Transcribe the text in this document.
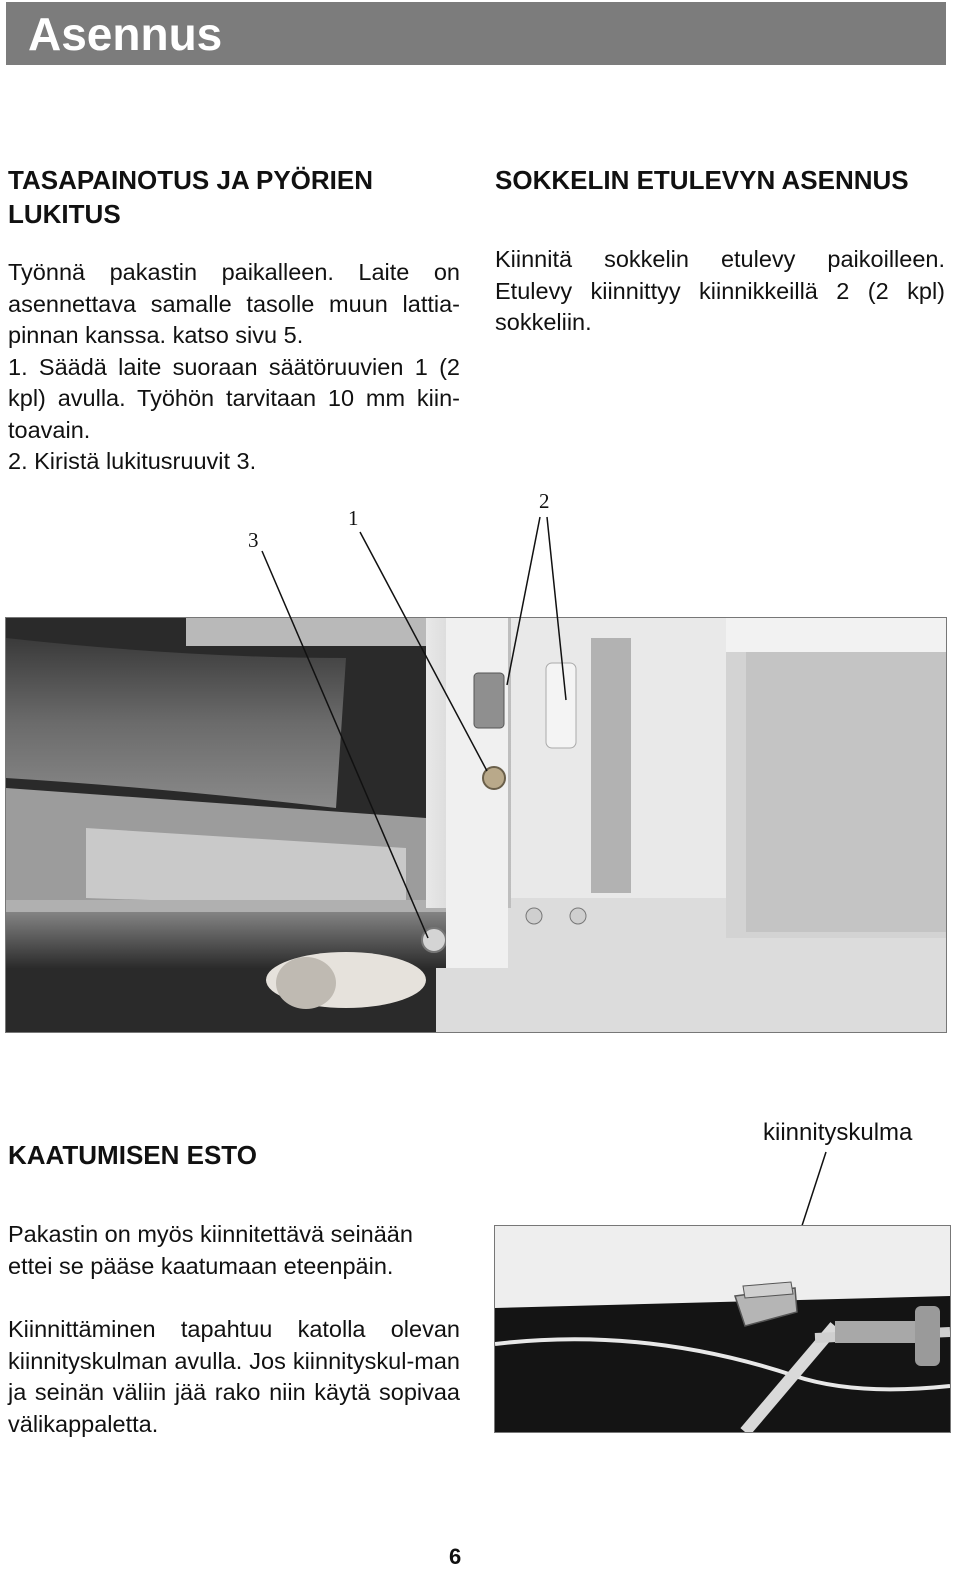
Asennus
TASAPAINOTUS JA PYÖRIEN
LUKITUS

Työnnä pakastin paikalleen. Laite on asennettava samalle tasolle muun lattia-pinnan kanssa. katso sivu 5.

1. Säädä laite suoraan säätöruuvien 1 (2 kpl) avulla. Työhön tarvitaan 10 mm kiin-toavain.

2. Kiristä lukitusruuvit 3.

SOKKELIN ETULEVYN ASENNUS
Kiinnitä sokkelin etulevy paikoilleen. Etulevy kiinnittyy kiinnikkeillä 2 (2 kpl) sokkeliin.
3
1
2
KAATUMISEN ESTO

Pakastin on myös kiinnitettävä seinään ettei se pääse kaatumaan eteenpäin.

Kiinnittäminen tapahtuu katolla olevan kiinnityskulman avulla. Jos kiinnityskul-man ja seinän väliin jää rako niin käytä sopivaa välikappaletta.

kiinnityskulma
6
